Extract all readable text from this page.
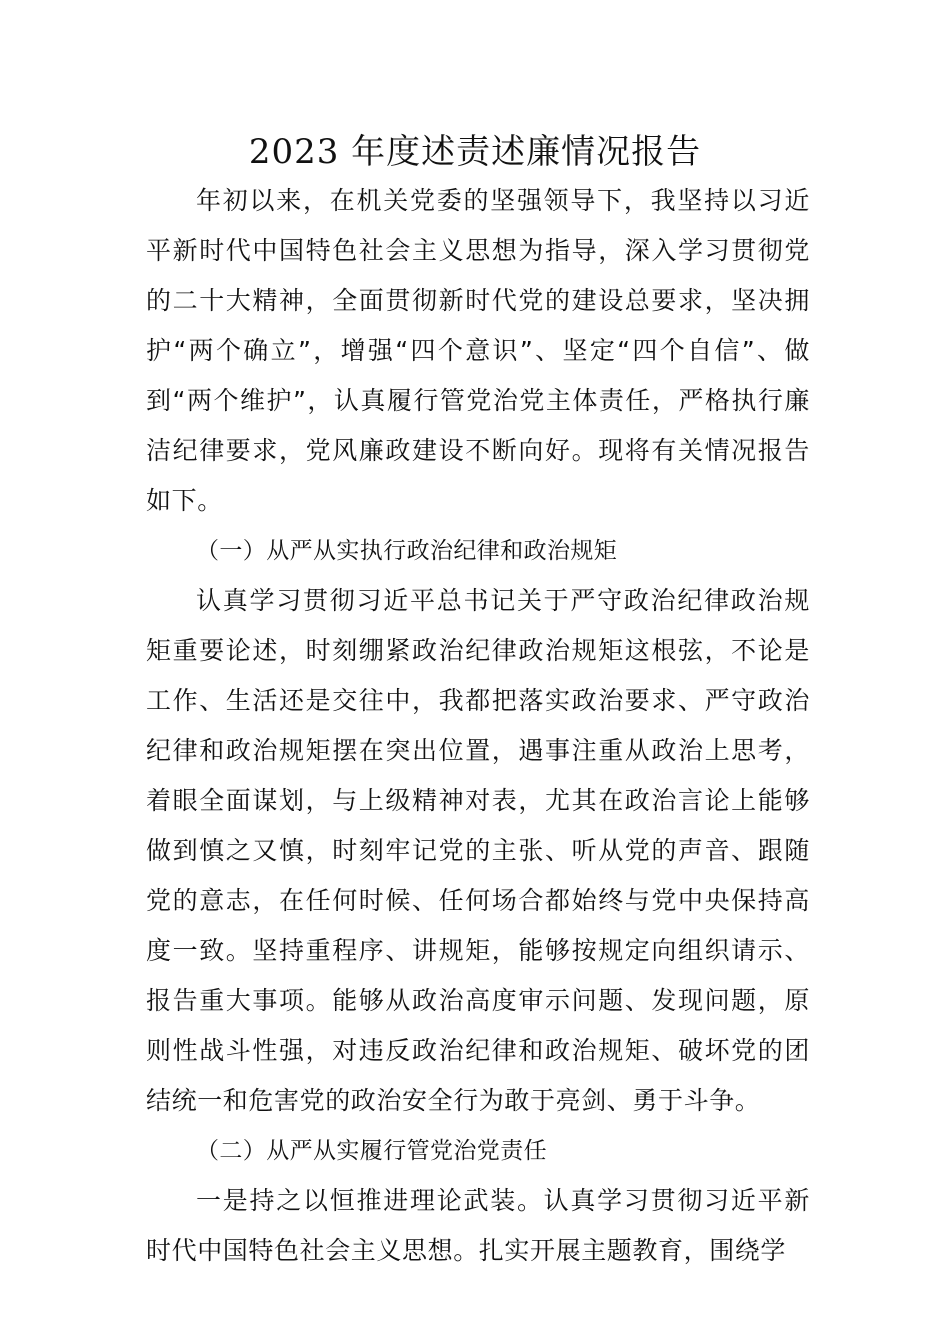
2023 年度述责述廉情况报告

年初以来，在机关党委的坚强领导下，我坚持以习近平新时代中国特色社会主义思想为指导，深入学习贯彻党的二十大精神，全面贯彻新时代党的建设总要求，坚决拥护“两个确立”，增强“四个意识”、坚定“四个自信”、做到“两个维护”，认真履行管党治党主体责任，严格执行廉洁纪律要求，党风廉政建设不断向好。现将有关情况报告如下。

（一）从严从实执行政治纪律和政治规矩

认真学习贯彻习近平总书记关于严守政治纪律政治规矩重要论述，时刻绷紧政治纪律政治规矩这根弦，不论是工作、生活还是交往中，我都把落实政治要求、严守政治纪律和政治规矩摆在突出位置，遇事注重从政治上思考，着眼全面谋划，与上级精神对表，尤其在政治言论上能够做到慎之又慎，时刻牢记党的主张、听从党的声音、跟随党的意志，在任何时候、任何场合都始终与党中央保持高度一致。坚持重程序、讲规矩，能够按规定向组织请示、报告重大事项。能够从政治高度审示问题、发现问题，原则性战斗性强，对违反政治纪律和政治规矩、破坏党的团结统一和危害党的政治安全行为敢于亮剑、勇于斗争。

（二）从严从实履行管党治党责任

一是持之以恒推进理论武装。认真学习贯彻习近平新时代中国特色社会主义思想。扎实开展主题教育，围绕学
